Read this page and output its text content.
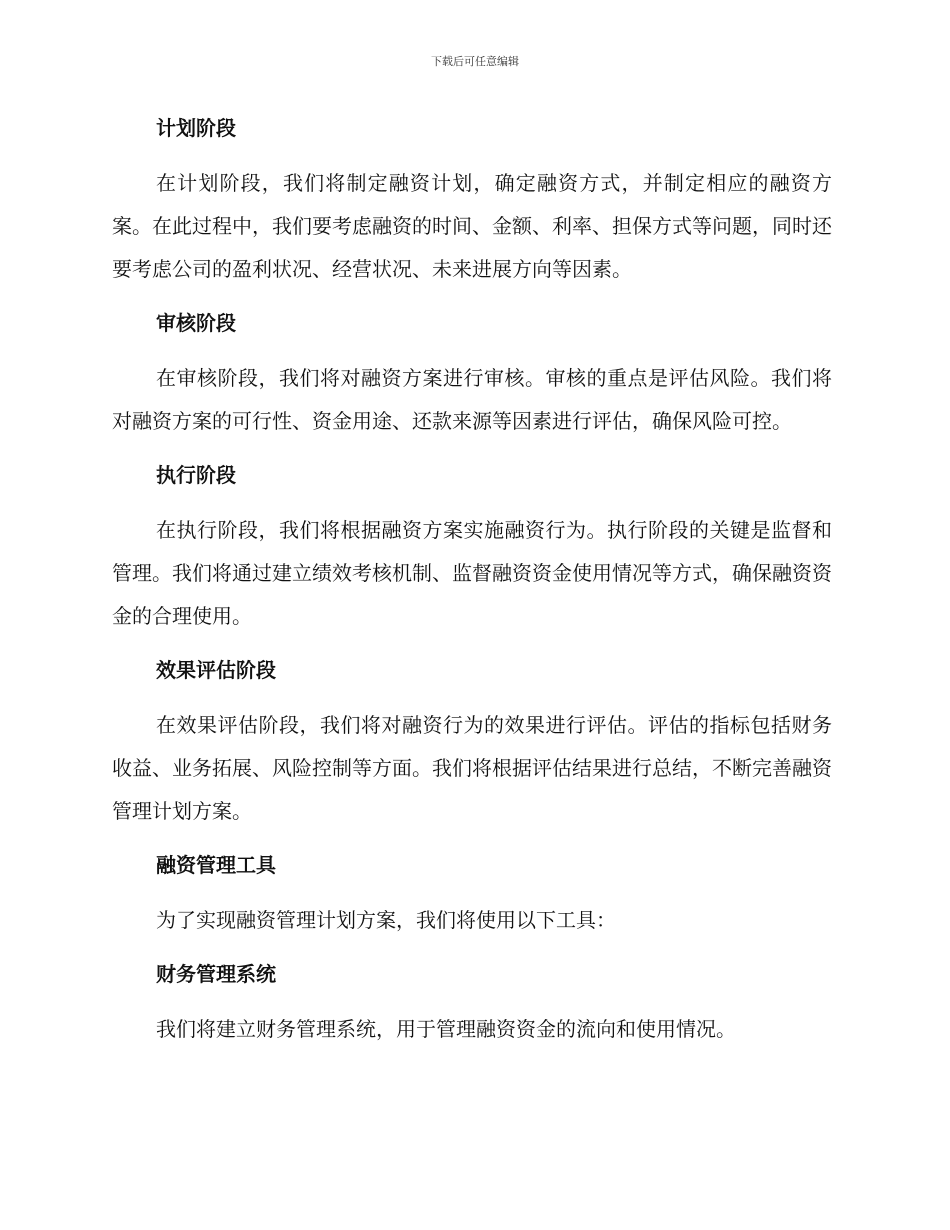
下载后可任意编辑
计划阶段

在计划阶段，我们将制定融资计划，确定融资方式，并制定相应的融资方案。在此过程中，我们要考虑融资的时间、金额、利率、担保方式等问题，同时还要考虑公司的盈利状况、经营状况、未来进展方向等因素。

审核阶段

在审核阶段，我们将对融资方案进行审核。审核的重点是评估风险。我们将对融资方案的可行性、资金用途、还款来源等因素进行评估，确保风险可控。

执行阶段

在执行阶段，我们将根据融资方案实施融资行为。执行阶段的关键是监督和管理。我们将通过建立绩效考核机制、监督融资资金使用情况等方式，确保融资资金的合理使用。

效果评估阶段

在效果评估阶段，我们将对融资行为的效果进行评估。评估的指标包括财务收益、业务拓展、风险控制等方面。我们将根据评估结果进行总结，不断完善融资管理计划方案。

融资管理工具

为了实现融资管理计划方案，我们将使用以下工具：

财务管理系统

我们将建立财务管理系统，用于管理融资资金的流向和使用情况。
